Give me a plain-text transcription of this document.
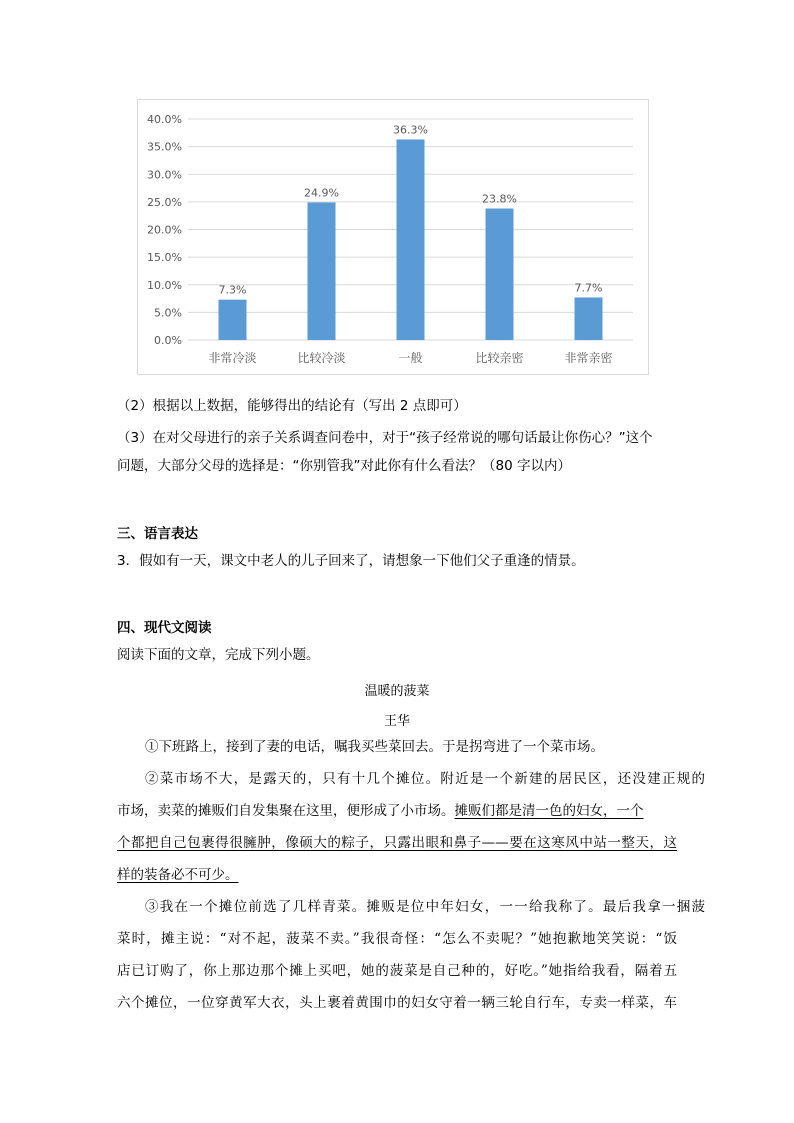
0.0%
5.0%
10.0%
15.0%
20.0%
25.0%
30.0%
35.0%
40.0%
7.3%
非常冷淡
24.9%
比较冷淡
36.3%
一般
23.8%
比较亲密
7.7%
非常亲密
（2）根据以上数据，能够得出的结论有（写出 2 点即可）
（3）在对父母进行的亲子关系调查问卷中，对于“孩子经常说的哪句话最让你伤心？”这个
问题，大部分父母的选择是：“你别管我”对此你有什么看法？（80 字以内）
三、语言表达
3．假如有一天，课文中老人的儿子回来了，请想象一下他们父子重逢的情景。
四、现代文阅读
阅读下面的文章，完成下列小题。
温暖的菠菜
王华
①下班路上，接到了妻的电话，嘱我买些菜回去。于是拐弯进了一个菜市场。
②菜市场不大，是露天的，只有十几个摊位。附近是一个新建的居民区，还没建正规的
市场，卖菜的摊贩们自发集聚在这里，便形成了小市场。摊贩们都是清一色的妇女，一个
个都把自己包裹得很臃肿，像硕大的粽子，只露出眼和鼻子——要在这寒风中站一整天，这
样的装备必不可少。
③我在一个摊位前选了几样青菜。摊贩是位中年妇女，一一给我称了。最后我拿一捆菠
菜时，摊主说：“对不起，菠菜不卖。”我很奇怪：“怎么不卖呢？”她抱歉地笑笑说：“饭
店已订购了，你上那边那个摊上买吧，她的菠菜是自己种的，好吃。”她指给我看，隔着五
六个摊位，一位穿黄军大衣，头上裹着黄围巾的妇女守着一辆三轮自行车，专卖一样菜，车
